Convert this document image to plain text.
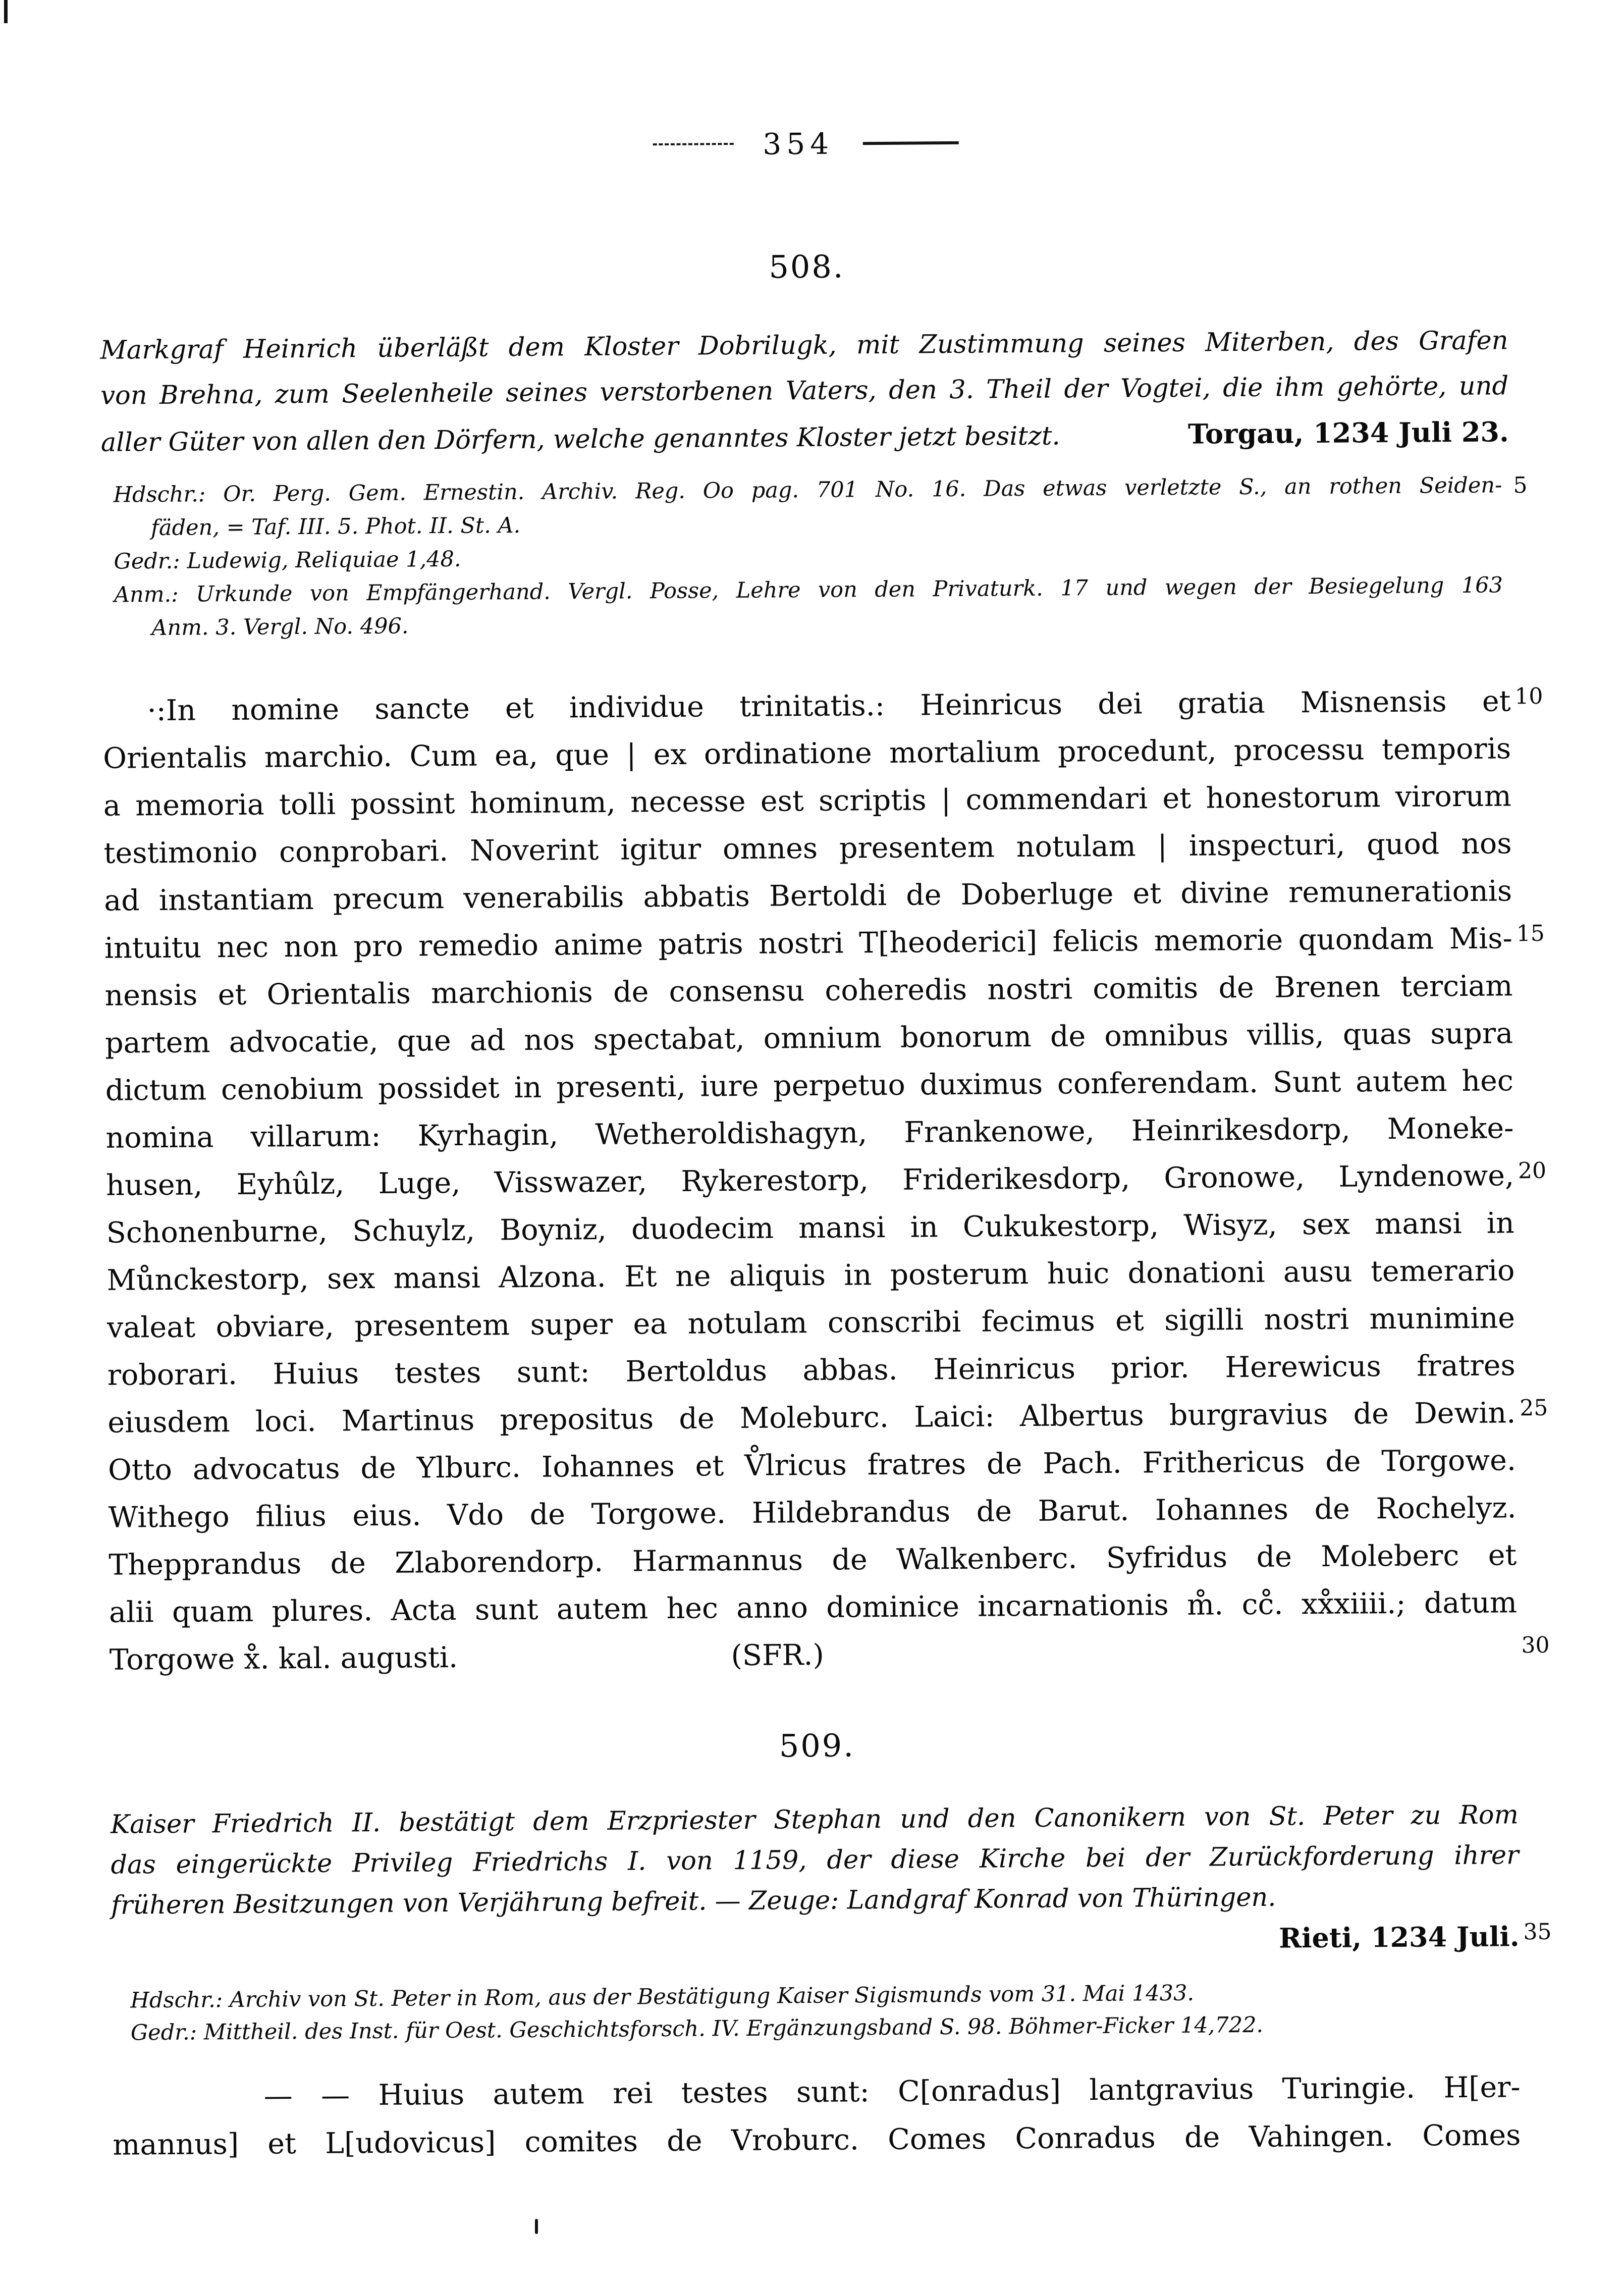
354
508.
Markgraf Heinrich überläßt dem Kloster Dobrilugk, mit Zustimmung seines Miterben, des Grafen
von Brehna, zum Seelenheile seines verstorbenen Vaters, den 3. Theil der Vogtei, die ihm gehörte, und
aller Güter von allen den Dörfern, welche genanntes Kloster jetzt besitzt.	Torgau, 1234 Juli 23.
Hdschr.: Or. Perg. Gem. Ernestin. Archiv. Reg. Oo pag. 701 No. 16. Das etwas verletzte S., an rothen Seiden-
fäden, = Taf. III. 5. Phot. II. St. A.
Gedr.: Ludewig, Reliquiae 1,48.
Anm.: Urkunde von Empfängerhand. Vergl. Posse, Lehre von den Privaturk. 17 und wegen der Besiegelung 163
Anm. 3. Vergl. No. 496.
·:In nomine sancte et individue trinitatis.: Heinricus dei gratia Misnensis et
Orientalis marchio. Cum ea, que | ex ordinatione mortalium procedunt, processu temporis
a memoria tolli possint hominum, necesse est scriptis | commendari et honestorum virorum
testimonio conprobari. Noverint igitur omnes presentem notulam | inspecturi, quod nos
ad instantiam precum venerabilis abbatis Bertoldi de Doberluge et divine remunerationis
intuitu nec non pro remedio anime patris nostri T[heoderici] felicis memorie quondam Mis-
nensis et Orientalis marchionis de consensu coheredis nostri comitis de Brenen terciam
partem advocatie, que ad nos spectabat, omnium bonorum de omnibus villis, quas supra
dictum cenobium possidet in presenti, iure perpetuo duximus conferendam. Sunt autem hec
nomina villarum: Kyrhagin, Wetheroldishagyn, Frankenowe, Heinrikesdorp, Moneke-
husen, Eyhûlz, Luge, Visswazer, Rykerestorp, Friderikesdorp, Gronowe, Lyndenowe,
Schonenburne, Schuylz, Boyniz, duodecim mansi in Cukukestorp, Wisyz, sex mansi in
Můnckestorp, sex mansi Alzona. Et ne aliquis in posterum huic donationi ausu temerario
valeat obviare, presentem super ea notulam conscribi fecimus et sigilli nostri munimine
roborari. Huius testes sunt: Bertoldus abbas. Heinricus prior. Herewicus fratres
eiusdem loci. Martinus prepositus de Moleburc. Laici: Albertus burgravius de Dewin.
Otto advocatus de Ylburc. Iohannes et V̊lricus fratres de Pach. Frithericus de Torgowe.
Withego filius eius. Vdo de Torgowe. Hildebrandus de Barut. Iohannes de Rochelyz.
Thepprandus de Zlaborendorp. Harmannus de Walkenberc. Syfridus de Moleberc et
alii quam plures. Acta sunt autem hec anno dominice incarnationis m̊. cc̊. xx̊xiiii.; datum
Torgowe x̊. kal. augusti.	(SFR.)
509.
Kaiser Friedrich II. bestätigt dem Erzpriester Stephan und den Canonikern von St. Peter zu Rom
das eingerückte Privileg Friedrichs I. von 1159, der diese Kirche bei der Zurückforderung ihrer
früheren Besitzungen von Verjährung befreit. — Zeuge: Landgraf Konrad von Thüringen.
Rieti, 1234 Juli.
Hdschr.: Archiv von St. Peter in Rom, aus der Bestätigung Kaiser Sigismunds vom 31. Mai 1433.
Gedr.: Mittheil. des Inst. für Oest. Geschichtsforsch. IV. Ergänzungsband S. 98. Böhmer-Ficker 14,722.
— — Huius autem rei testes sunt: C[onradus] lantgravius Turingie. H[er-
mannus] et L[udovicus] comites de Vroburc. Comes Conradus de Vahingen. Comes
5
10
15
20
25
30
35
